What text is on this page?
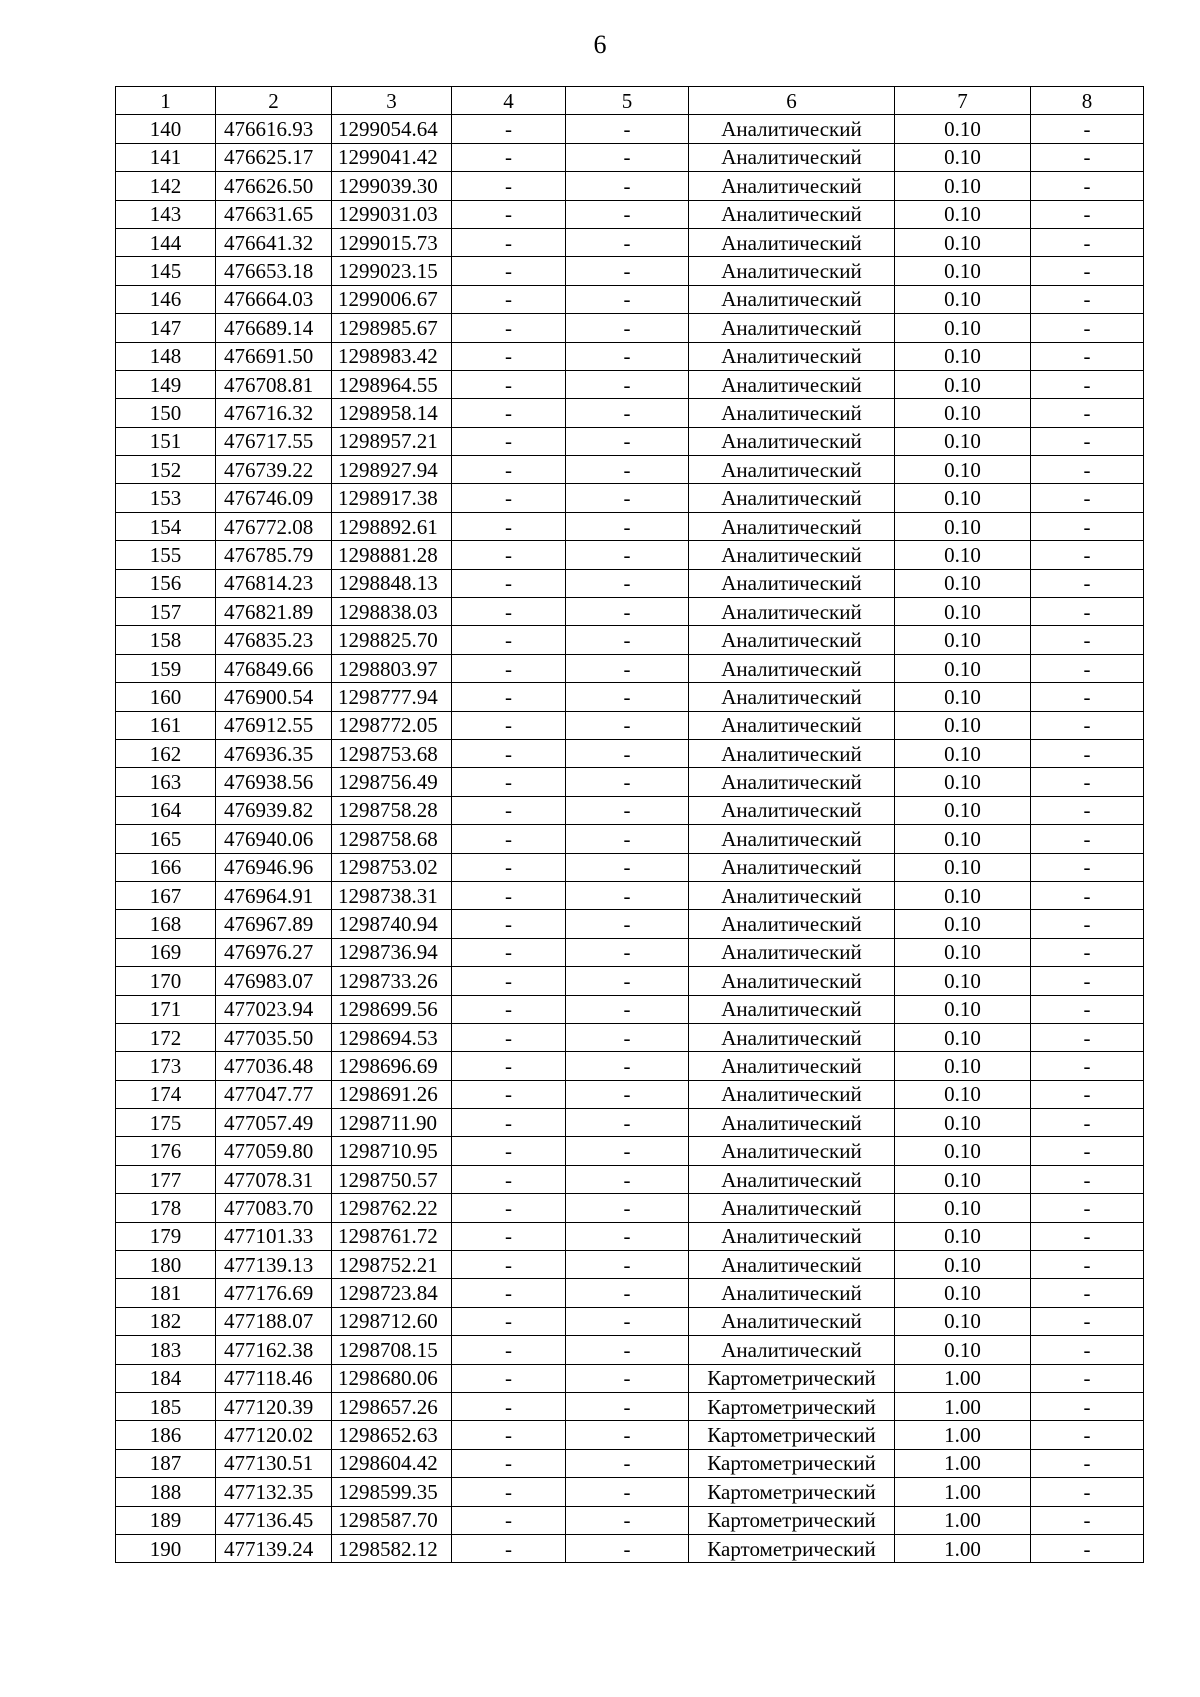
6
1	2	3	4	5	6	7	8
140	476616.93	1299054.64	-	-	Аналитический	0.10	-
141	476625.17	1299041.42	-	-	Аналитический	0.10	-
142	476626.50	1299039.30	-	-	Аналитический	0.10	-
143	476631.65	1299031.03	-	-	Аналитический	0.10	-
144	476641.32	1299015.73	-	-	Аналитический	0.10	-
145	476653.18	1299023.15	-	-	Аналитический	0.10	-
146	476664.03	1299006.67	-	-	Аналитический	0.10	-
147	476689.14	1298985.67	-	-	Аналитический	0.10	-
148	476691.50	1298983.42	-	-	Аналитический	0.10	-
149	476708.81	1298964.55	-	-	Аналитический	0.10	-
150	476716.32	1298958.14	-	-	Аналитический	0.10	-
151	476717.55	1298957.21	-	-	Аналитический	0.10	-
152	476739.22	1298927.94	-	-	Аналитический	0.10	-
153	476746.09	1298917.38	-	-	Аналитический	0.10	-
154	476772.08	1298892.61	-	-	Аналитический	0.10	-
155	476785.79	1298881.28	-	-	Аналитический	0.10	-
156	476814.23	1298848.13	-	-	Аналитический	0.10	-
157	476821.89	1298838.03	-	-	Аналитический	0.10	-
158	476835.23	1298825.70	-	-	Аналитический	0.10	-
159	476849.66	1298803.97	-	-	Аналитический	0.10	-
160	476900.54	1298777.94	-	-	Аналитический	0.10	-
161	476912.55	1298772.05	-	-	Аналитический	0.10	-
162	476936.35	1298753.68	-	-	Аналитический	0.10	-
163	476938.56	1298756.49	-	-	Аналитический	0.10	-
164	476939.82	1298758.28	-	-	Аналитический	0.10	-
165	476940.06	1298758.68	-	-	Аналитический	0.10	-
166	476946.96	1298753.02	-	-	Аналитический	0.10	-
167	476964.91	1298738.31	-	-	Аналитический	0.10	-
168	476967.89	1298740.94	-	-	Аналитический	0.10	-
169	476976.27	1298736.94	-	-	Аналитический	0.10	-
170	476983.07	1298733.26	-	-	Аналитический	0.10	-
171	477023.94	1298699.56	-	-	Аналитический	0.10	-
172	477035.50	1298694.53	-	-	Аналитический	0.10	-
173	477036.48	1298696.69	-	-	Аналитический	0.10	-
174	477047.77	1298691.26	-	-	Аналитический	0.10	-
175	477057.49	1298711.90	-	-	Аналитический	0.10	-
176	477059.80	1298710.95	-	-	Аналитический	0.10	-
177	477078.31	1298750.57	-	-	Аналитический	0.10	-
178	477083.70	1298762.22	-	-	Аналитический	0.10	-
179	477101.33	1298761.72	-	-	Аналитический	0.10	-
180	477139.13	1298752.21	-	-	Аналитический	0.10	-
181	477176.69	1298723.84	-	-	Аналитический	0.10	-
182	477188.07	1298712.60	-	-	Аналитический	0.10	-
183	477162.38	1298708.15	-	-	Аналитический	0.10	-
184	477118.46	1298680.06	-	-	Картометрический	1.00	-
185	477120.39	1298657.26	-	-	Картометрический	1.00	-
186	477120.02	1298652.63	-	-	Картометрический	1.00	-
187	477130.51	1298604.42	-	-	Картометрический	1.00	-
188	477132.35	1298599.35	-	-	Картометрический	1.00	-
189	477136.45	1298587.70	-	-	Картометрический	1.00	-
190	477139.24	1298582.12	-	-	Картометрический	1.00	-
